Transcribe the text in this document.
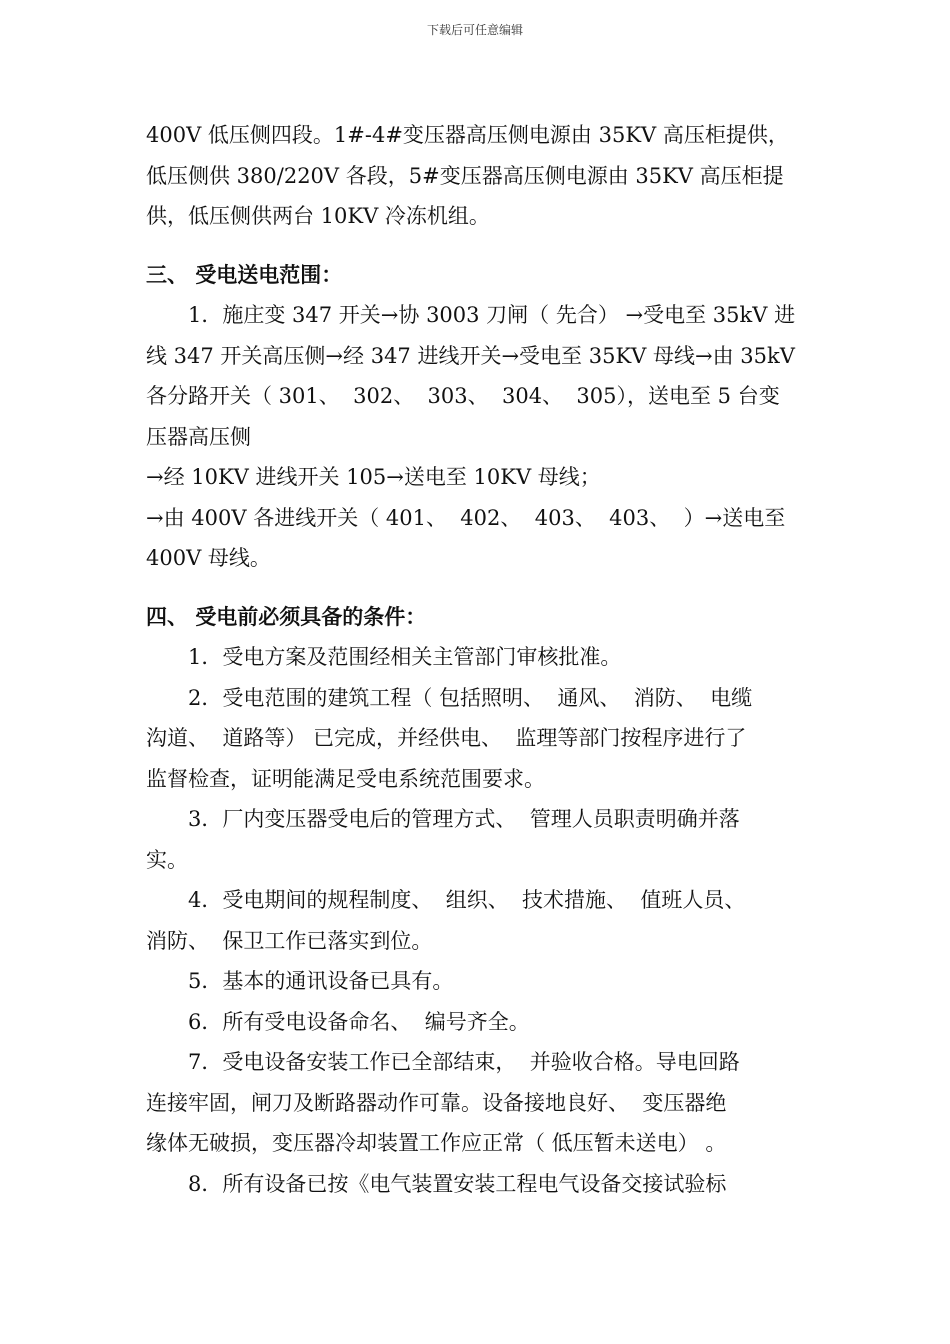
下载后可任意编辑

400V 低压侧四段。1#-4#变压器高压侧电源由 35KV 高压柜提供，

低压侧供 380/220V 各段，5#变压器高压侧电源由 35KV 高压柜提

供，低压侧供两台 10KV 冷冻机组。

三、 受电送电范围：

1．施庄变 347 开关→协 3003 刀闸（ 先合） →受电至 35kV 进

线 347 开关高压侧→经 347 进线开关→受电至 35KV 母线→由 35kV

各分路开关（ 301、  302、  303、  304、  305），送电至 5 台变

压器高压侧

→经 10KV 进线开关 105→送电至 10KV 母线；

→由 400V 各进线开关（ 401、  402、  403、  403、  ）→送电至

400V 母线。

四、 受电前必须具备的条件：

1．受电方案及范围经相关主管部门审核批准。

2．受电范围的建筑工程（ 包括照明、  通风、  消防、  电缆

沟道、  道路等） 已完成，并经供电、  监理等部门按程序进行了

监督检查，证明能满足受电系统范围要求。

3．厂内变压器受电后的管理方式、  管理人员职责明确并落

实。

4．受电期间的规程制度、  组织、  技术措施、  值班人员、

消防、  保卫工作已落实到位。

5．基本的通讯设备已具有。

6．所有受电设备命名、  编号齐全。

7．受电设备安装工作已全部结束，  并验收合格。导电回路

连接牢固，闸刀及断路器动作可靠。设备接地良好、  变压器绝

缘体无破损，变压器冷却装置工作应正常（ 低压暂未送电） 。

8．所有设备已按《电气装置安装工程电气设备交接试验标
